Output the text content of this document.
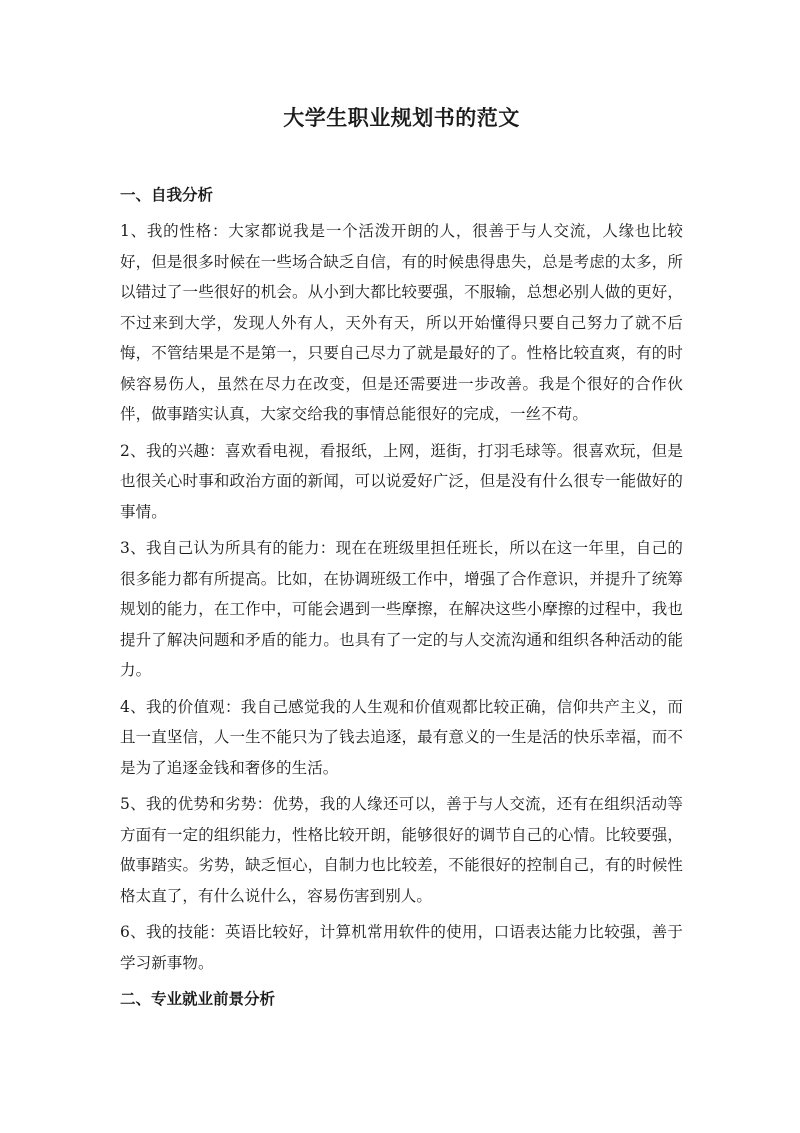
大学生职业规划书的范文
一、自我分析

1、我的性格：大家都说我是一个活泼开朗的人，很善于与人交流，人缘也比较好，但是很多时候在一些场合缺乏自信，有的时候患得患失，总是考虑的太多，所以错过了一些很好的机会。从小到大都比较要强，不服输，总想必别人做的更好，不过来到大学，发现人外有人，天外有天，所以开始懂得只要自己努力了就不后悔，不管结果是不是第一，只要自己尽力了就是最好的了。性格比较直爽，有的时候容易伤人，虽然在尽力在改变，但是还需要进一步改善。我是个很好的合作伙伴，做事踏实认真，大家交给我的事情总能很好的完成，一丝不苟。

2、我的兴趣：喜欢看电视，看报纸，上网，逛街，打羽毛球等。很喜欢玩，但是也很关心时事和政治方面的新闻，可以说爱好广泛，但是没有什么很专一能做好的事情。

3、我自己认为所具有的能力：现在在班级里担任班长，所以在这一年里，自己的很多能力都有所提高。比如，在协调班级工作中，增强了合作意识，并提升了统筹规划的能力，在工作中，可能会遇到一些摩擦，在解决这些小摩擦的过程中，我也提升了解决问题和矛盾的能力。也具有了一定的与人交流沟通和组织各种活动的能力。

4、我的价值观：我自己感觉我的人生观和价值观都比较正确，信仰共产主义，而且一直坚信，人一生不能只为了钱去追逐，最有意义的一生是活的快乐幸福，而不是为了追逐金钱和奢侈的生活。

5、我的优势和劣势：优势，我的人缘还可以，善于与人交流，还有在组织活动等方面有一定的组织能力，性格比较开朗，能够很好的调节自己的心情。比较要强，做事踏实。劣势，缺乏恒心，自制力也比较差，不能很好的控制自己，有的时候性格太直了，有什么说什么，容易伤害到别人。

6、我的技能：英语比较好，计算机常用软件的使用，口语表达能力比较强，善于学习新事物。

二、专业就业前景分析
